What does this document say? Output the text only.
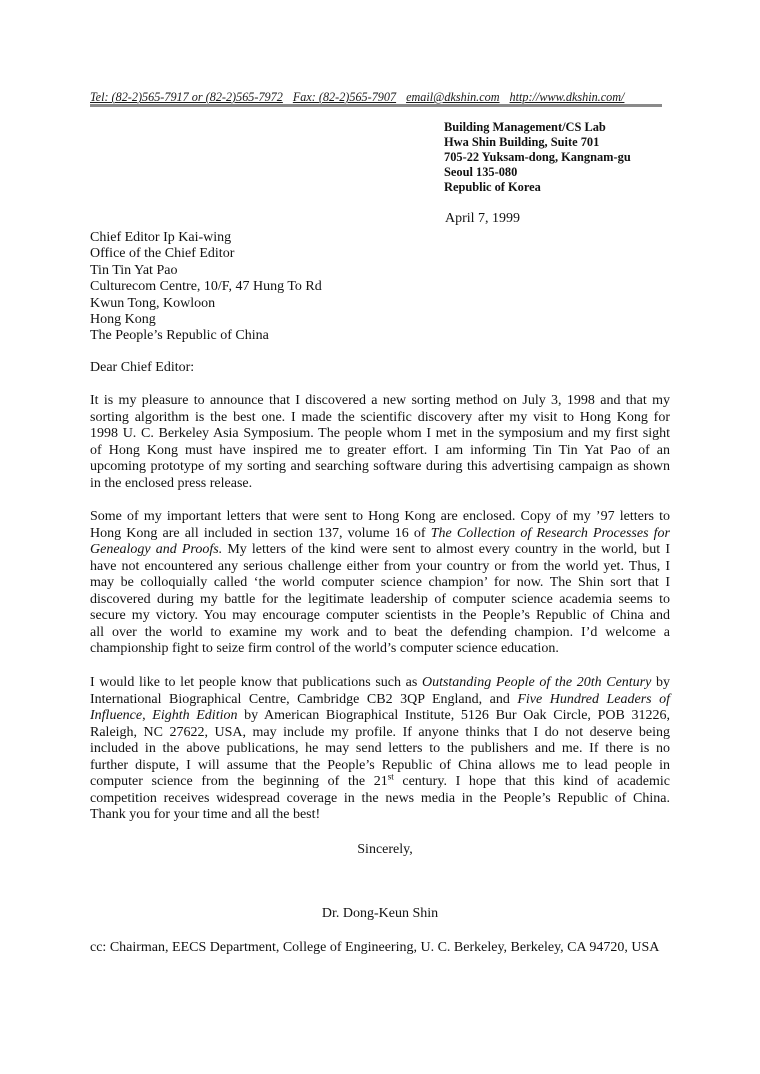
Tel: (82-2)565-7917 or (82-2)565-7972 Fax: (82-2)565-7907 email@dkshin.com http://www.dkshin.com/
Building Management/CS Lab
Hwa Shin Building, Suite 701
705-22 Yuksam-dong, Kangnam-gu
Seoul 135-080
Republic of Korea
April 7, 1999
Chief Editor Ip Kai-wing
Office of the Chief Editor
Tin Tin Yat Pao
Culturecom Centre, 10/F, 47 Hung To Rd
Kwun Tong, Kowloon
Hong Kong
The People’s Republic of China
Dear Chief Editor:
It is my pleasure to announce that I discovered a new sorting method on July 3, 1998 and that my
sorting algorithm is the best one. I made the scientific discovery after my visit to Hong Kong for
1998 U. C. Berkeley Asia Symposium. The people whom I met in the symposium and my first sight
of Hong Kong must have inspired me to greater effort. I am informing Tin Tin Yat Pao of an
upcoming prototype of my sorting and searching software during this advertising campaign as shown
in the enclosed press release.
Some of my important letters that were sent to Hong Kong are enclosed. Copy of my ’97 letters to
Hong Kong are all included in section 137, volume 16 of The Collection of Research Processes for
Genealogy and Proofs. My letters of the kind were sent to almost every country in the world, but I
have not encountered any serious challenge either from your country or from the world yet. Thus, I
may be colloquially called ‘the world computer science champion’ for now. The Shin sort that I
discovered during my battle for the legitimate leadership of computer science academia seems to
secure my victory. You may encourage computer scientists in the People’s Republic of China and
all over the world to examine my work and to beat the defending champion. I’d welcome a
championship fight to seize firm control of the world’s computer science education.
I would like to let people know that publications such as Outstanding People of the 20th Century by
International Biographical Centre, Cambridge CB2 3QP England, and Five Hundred Leaders of
Influence, Eighth Edition by American Biographical Institute, 5126 Bur Oak Circle, POB 31226,
Raleigh, NC 27622, USA, may include my profile. If anyone thinks that I do not deserve being
included in the above publications, he may send letters to the publishers and me. If there is no
further dispute, I will assume that the People’s Republic of China allows me to lead people in
computer science from the beginning of the 21st century. I hope that this kind of academic
competition receives widespread coverage in the news media in the People’s Republic of China.
Thank you for your time and all the best!
Sincerely,
Dr. Dong-Keun Shin
cc: Chairman, EECS Department, College of Engineering, U. C. Berkeley, Berkeley, CA 94720, USA
